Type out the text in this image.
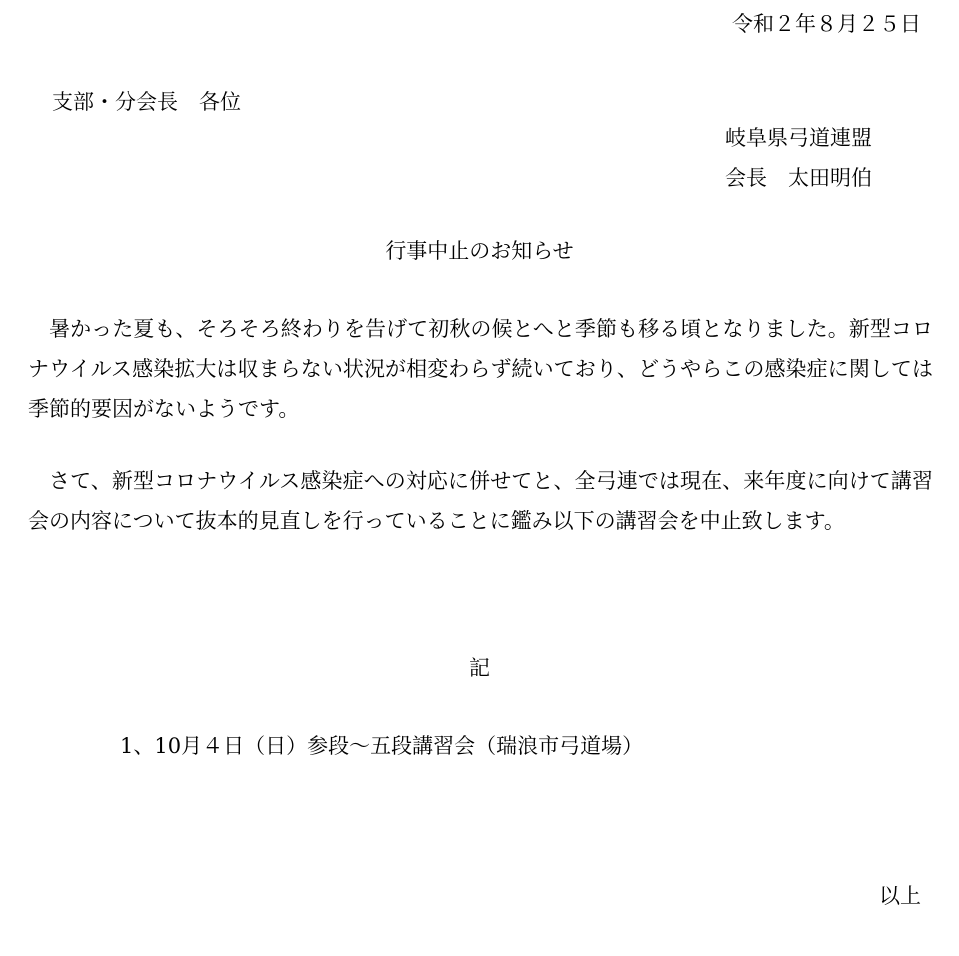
令和２年８月２５日
支部・分会長　各位
岐阜県弓道連盟
会長　太田明伯
行事中止のお知らせ
暑かった夏も、そろそろ終わりを告げて初秋の候とへと季節も移る頃となりました。新型コロナウイルス感染拡大は収まらない状況が相変わらず続いており、どうやらこの感染症に関しては季節的要因がないようです。
さて、新型コロナウイルス感染症への対応に併せてと、全弓連では現在、来年度に向けて講習会の内容について抜本的見直しを行っていることに鑑み以下の講習会を中止致します。
記
1、10月４日（日）参段～五段講習会（瑞浪市弓道場）
以上
